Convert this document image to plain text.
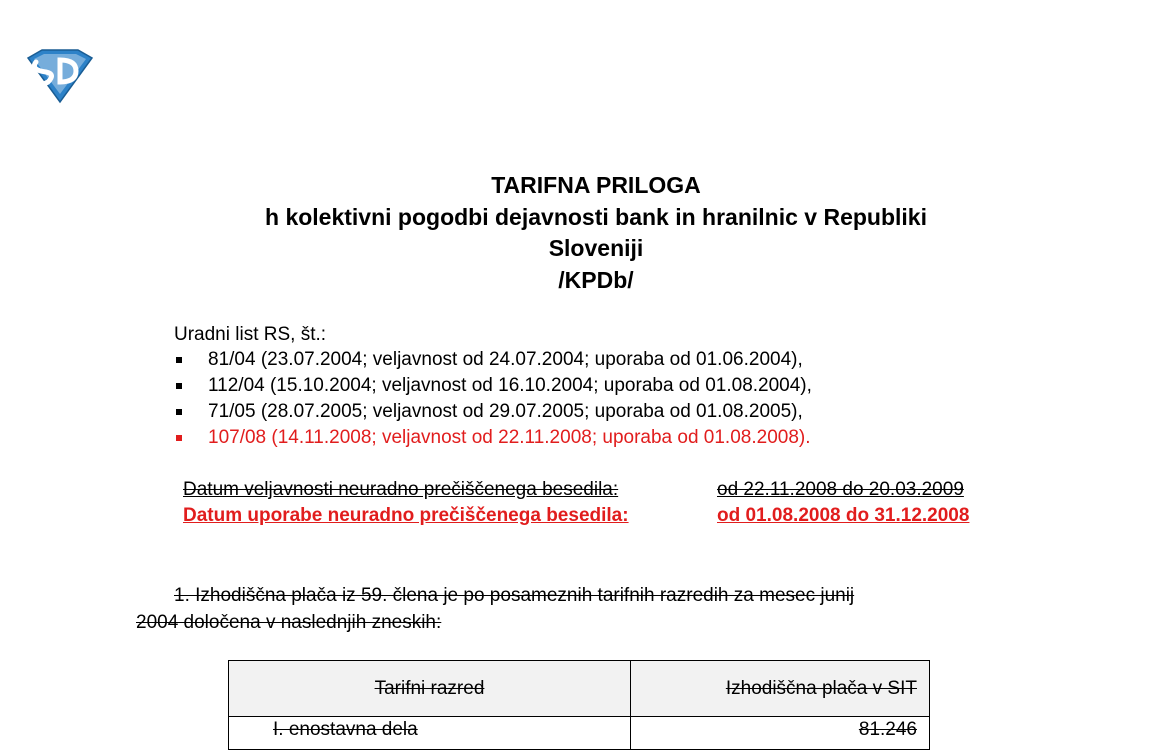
TARIFNA PRILOGA
h kolektivni pogodbi dejavnosti bank in hranilnic v Republiki
Sloveniji
/KPDb/
Uradni list RS, št.:
81/04 (23.07.2004; veljavnost od 24.07.2004; uporaba od 01.06.2004),
112/04 (15.10.2004; veljavnost od 16.10.2004; uporaba od 01.08.2004),
71/05 (28.07.2005; veljavnost od 29.07.2005; uporaba od 01.08.2005),
107/08 (14.11.2008; veljavnost od 22.11.2008; uporaba od 01.08.2008).
Datum veljavnosti neuradno prečiščenega besedila:	od 22.11.2008 do 20.03.2009
Datum uporabe neuradno prečiščenega besedila:	od 01.08.2008 do 31.12.2008
1. Izhodiščna plača iz 59. člena je po posameznih tarifnih razredih za mesec junij
2004 določena v naslednjih zneskih:
Tarifni razred	Izhodiščna plača v SIT
I. enostavna dela	81.246
